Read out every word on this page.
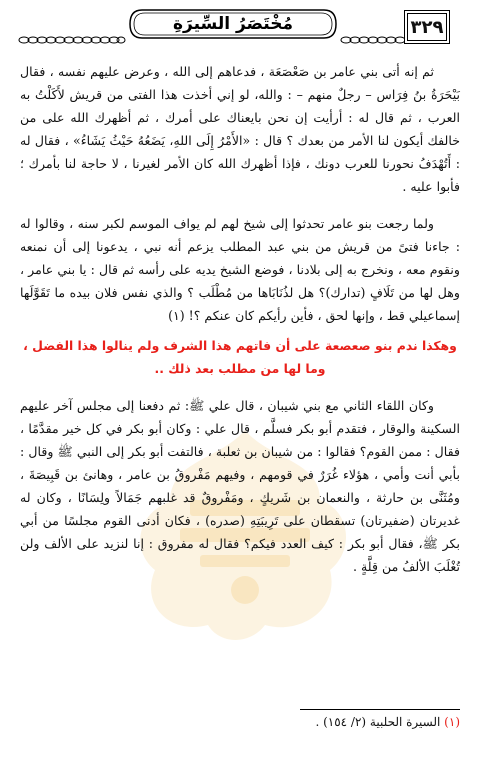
مُخْتَصَرُ السِّيرَةِ	٣٢٩

ثم إنه أتى بني عامر بن صَعْصَعَة ، فدعاهم إلى الله ، وعرض عليهم نفسه ، فقال بَيْحَرَةُ بنُ فِرَاس – رجلٌ منهم – : والله، لو إني أخذت هذا الفتى من قريش لأَكَلْتُ به العرب ، ثم قال له : أرأيت إن نحن بايعناك على أمرك ، ثم أظهرك الله على من خالفك أيكون لنا الأمر من بعدك ؟ قال : «الأَمْرُ إِلَى اللهِ، يَضَعُهُ حَيْثُ يَشَاءُ» ، فقال له : أَتُهْدَفُ نحورنا للعرب دونك ، فإذا أظهرك الله كان الأمر لغيرنا ، لا حاجة لنا بأمرك ؛ فأبوا عليه .

ولما رجعت بنو عامر تحدثوا إلى شيخ لهم لم يواف الموسم لكبر سنه ، وقالوا له : جاءنا فتىً من قريش من بني عبد المطلب يزعم أنه نبي ، يدعونا إلى أن نمنعه ونقوم معه ، ونخرج به إلى بلادنا ، فوضع الشيخ يديه على رأسه ثم قال : يا بني عامر ، وهل لها من تَلَافٍ (تدارك)؟ هل لذُنَابَاها من مُطْلَب ؟ والذي نفس فلان بيده ما تَقَوَّلَها إسماعيلي قط ، وإنها لحق ، فأين رأيكم كان عنكم ؟! (١)

وهكذا ندم بنو صعصعة على أن فاتهم هذا الشرف ولم ينالوا هذا الفضل ،

وما لها من مطلب بعد ذلك ..

وكان اللقاء الثاني مع بني شيبان ، قال علي ﷺ: ثم دفعنا إلى مجلس آخر عليهم السكينة والوقار ، فتقدم أبو بكر فسلَّم ، قال علي : وكان أبو بكر في كل خير مقدَّمًا ، فقال : ممن القوم؟ فقالوا : من شيبان بن ثعلبة ، فالتفت أبو بكر إلى النبي ﷺ وقال : بأبي أنت وأمي ، هؤلاء غُرَرٌ في قومهم ، وفيهم مَفْروقُ بن عامر ، وهانئ بن قَبِيصَةَ ، ومُثَنَّى بن حارثة ، والنعمان بن شَريكٍ ، ومَفْروقٌ قد غلبهم جَمَالاً ولِسَانًا ، وكان له غديرتان (ضفيرتان) تسقطان على تَرِيبَتِهِ (صدره) ، فكان أدنى القوم مجلسًا من أبي بكر ﷺ، فقال أبو بكر : كيف العدد فيكم؟ فقال له مفروق : إنا لنزيد على الألف ولن تُغْلَبَ الألفُ من قِلَّةٍ .

(١) السيرة الحلبية (٢/ ١٥٤) .
